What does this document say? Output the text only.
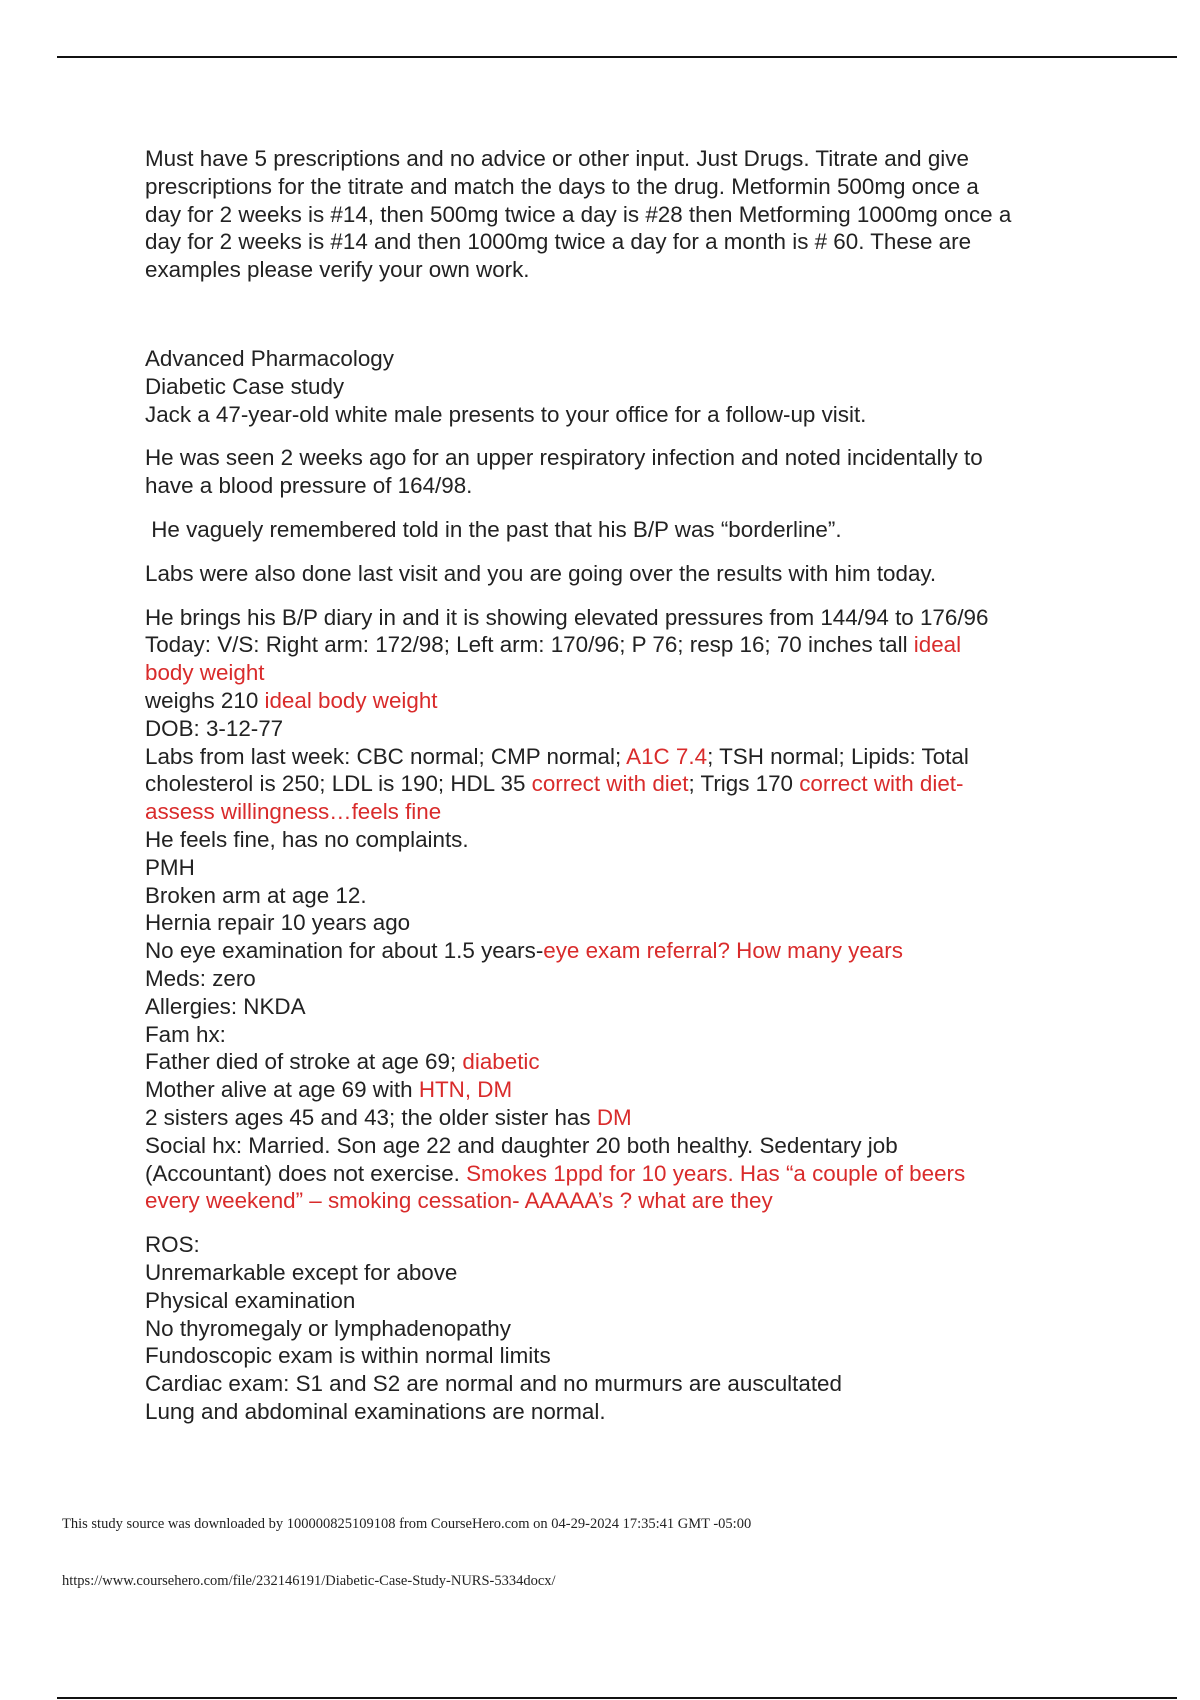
Must have 5 prescriptions and no advice or other input. Just Drugs. Titrate and give
prescriptions for the titrate and match the days to the drug. Metformin 500mg once a
day for 2 weeks is #14, then 500mg twice a day is #28 then Metforming 1000mg once a
day for 2 weeks is #14 and then 1000mg twice a day for a month is # 60. These are
examples please verify your own work.
Advanced Pharmacology
Diabetic Case study
Jack a 47-year-old white male presents to your office for a follow-up visit.
He was seen 2 weeks ago for an upper respiratory infection and noted incidentally to
have a blood pressure of 164/98.
He vaguely remembered told in the past that his B/P was “borderline”.
Labs were also done last visit and you are going over the results with him today.
He brings his B/P diary in and it is showing elevated pressures from 144/94 to 176/96
Today: V/S: Right arm: 172/98; Left arm: 170/96; P 76; resp 16; 70 inches tall ideal
body weight
weighs 210 ideal body weight
DOB: 3-12-77
Labs from last week: CBC normal; CMP normal; A1C 7.4; TSH normal; Lipids: Total
cholesterol is 250; LDL is 190; HDL 35 correct with diet; Trigs 170 correct with diet-
assess willingness…feels fine
He feels fine, has no complaints.
PMH
Broken arm at age 12.
Hernia repair 10 years ago
No eye examination for about 1.5 years-eye exam referral? How many years
Meds: zero
Allergies: NKDA
Fam hx:
Father died of stroke at age 69; diabetic
Mother alive at age 69 with HTN, DM
2 sisters ages 45 and 43; the older sister has DM
Social hx: Married. Son age 22 and daughter 20 both healthy. Sedentary job
(Accountant) does not exercise. Smokes 1ppd for 10 years. Has “a couple of beers
every weekend” – smoking cessation- AAAAA’s ? what are they
ROS:
Unremarkable except for above
Physical examination
No thyromegaly or lymphadenopathy
Fundoscopic exam is within normal limits
Cardiac exam: S1 and S2 are normal and no murmurs are auscultated
Lung and abdominal examinations are normal.
This study source was downloaded by 100000825109108 from CourseHero.com on 04-29-2024 17:35:41 GMT -05:00
https://www.coursehero.com/file/232146191/Diabetic-Case-Study-NURS-5334docx/
